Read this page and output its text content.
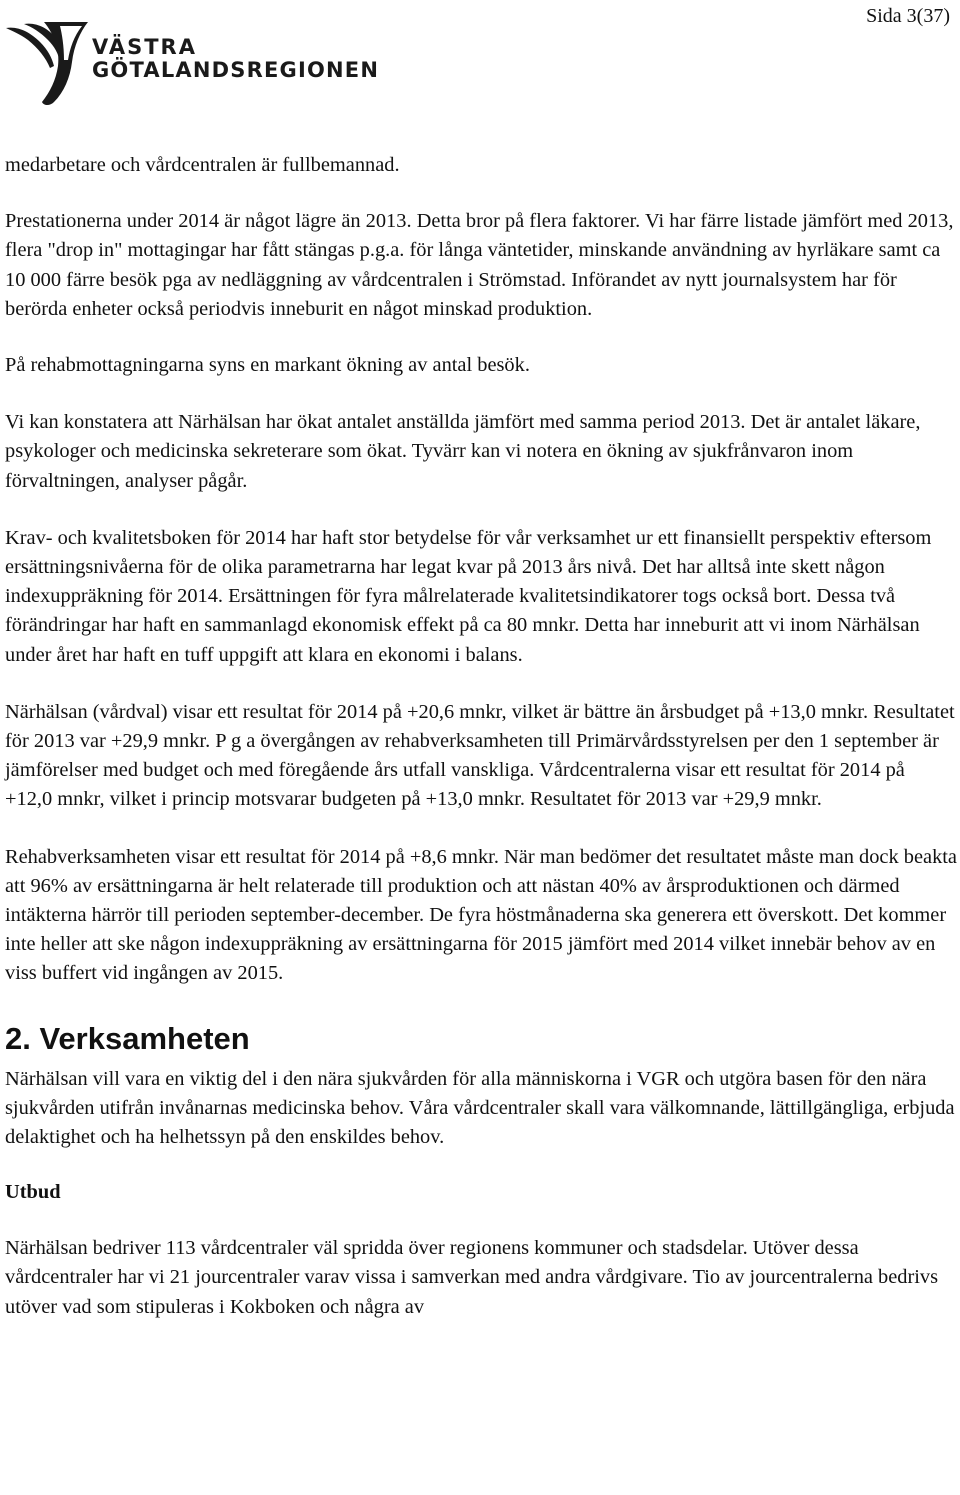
Sida 3(37)
VÄSTRA
GÖTALANDSREGIONEN

medarbetare och vårdcentralen är fullbemannad.

Prestationerna under 2014 är något lägre än 2013. Detta bror på flera faktorer. Vi har färre listade jämfört med 2013, flera "drop in" mottagingar har fått stängas p.g.a. för långa väntetider, minskande användning av hyrläkare samt ca 10 000 färre besök pga av nedläggning av vårdcentralen i Strömstad. Införandet av nytt journalsystem har för berörda enheter också periodvis inneburit en något minskad produktion.

På rehabmottagningarna syns en markant ökning av antal besök.

Vi kan konstatera att Närhälsan har ökat antalet anställda jämfört med samma period 2013. Det är antalet läkare, psykologer och medicinska sekreterare som ökat. Tyvärr kan vi notera en ökning av sjukfrånvaron inom förvaltningen, analyser pågår.

Krav- och kvalitetsboken för 2014 har haft stor betydelse för vår verksamhet ur ett finansiellt perspektiv eftersom ersättningsnivåerna för de olika parametrarna har legat kvar på 2013 års nivå. Det har alltså inte skett någon indexuppräkning för 2014. Ersättningen för fyra målrelaterade kvalitetsindikatorer togs också bort. Dessa två förändringar har haft en sammanlagd ekonomisk effekt på ca 80 mnkr. Detta har inneburit att vi inom Närhälsan under året har haft en tuff uppgift att klara en ekonomi i balans.

Närhälsan (vårdval) visar ett resultat för 2014 på +20,6 mnkr, vilket är bättre än årsbudget på +13,0 mnkr. Resultatet för 2013 var +29,9 mnkr. P g a övergången av rehabverksamheten till Primärvårdsstyrelsen per den 1 september är jämförelser med budget och med föregående års utfall vanskliga. Vårdcentralerna visar ett resultat för 2014 på +12,0 mnkr, vilket i princip motsvarar budgeten på +13,0 mnkr. Resultatet för 2013 var +29,9 mnkr.

Rehabverksamheten visar ett resultat för 2014 på +8,6 mnkr. När man bedömer det resultatet måste man dock beakta att 96% av ersättningarna är helt relaterade till produktion och att nästan 40% av årsproduktionen och därmed intäkterna härrör till perioden september-december. De fyra höstmånaderna ska generera ett överskott. Det kommer inte heller att ske någon indexuppräkning av ersättningarna för 2015 jämfört med 2014 vilket innebär behov av en viss buffert vid ingången av 2015.

2. Verksamheten

Närhälsan vill vara en viktig del i den nära sjukvården för alla människorna i VGR och utgöra basen för den nära sjukvården utifrån invånarnas medicinska behov. Våra vårdcentraler skall vara välkomnande, lättillgängliga, erbjuda delaktighet och ha helhetssyn på den enskildes behov.

Utbud

Närhälsan bedriver 113 vårdcentraler väl spridda över regionens kommuner och stadsdelar. Utöver dessa vårdcentraler har vi 21 jourcentraler varav vissa i samverkan med andra vårdgivare. Tio av jourcentralerna bedrivs utöver vad som stipuleras i Kokboken och några av
